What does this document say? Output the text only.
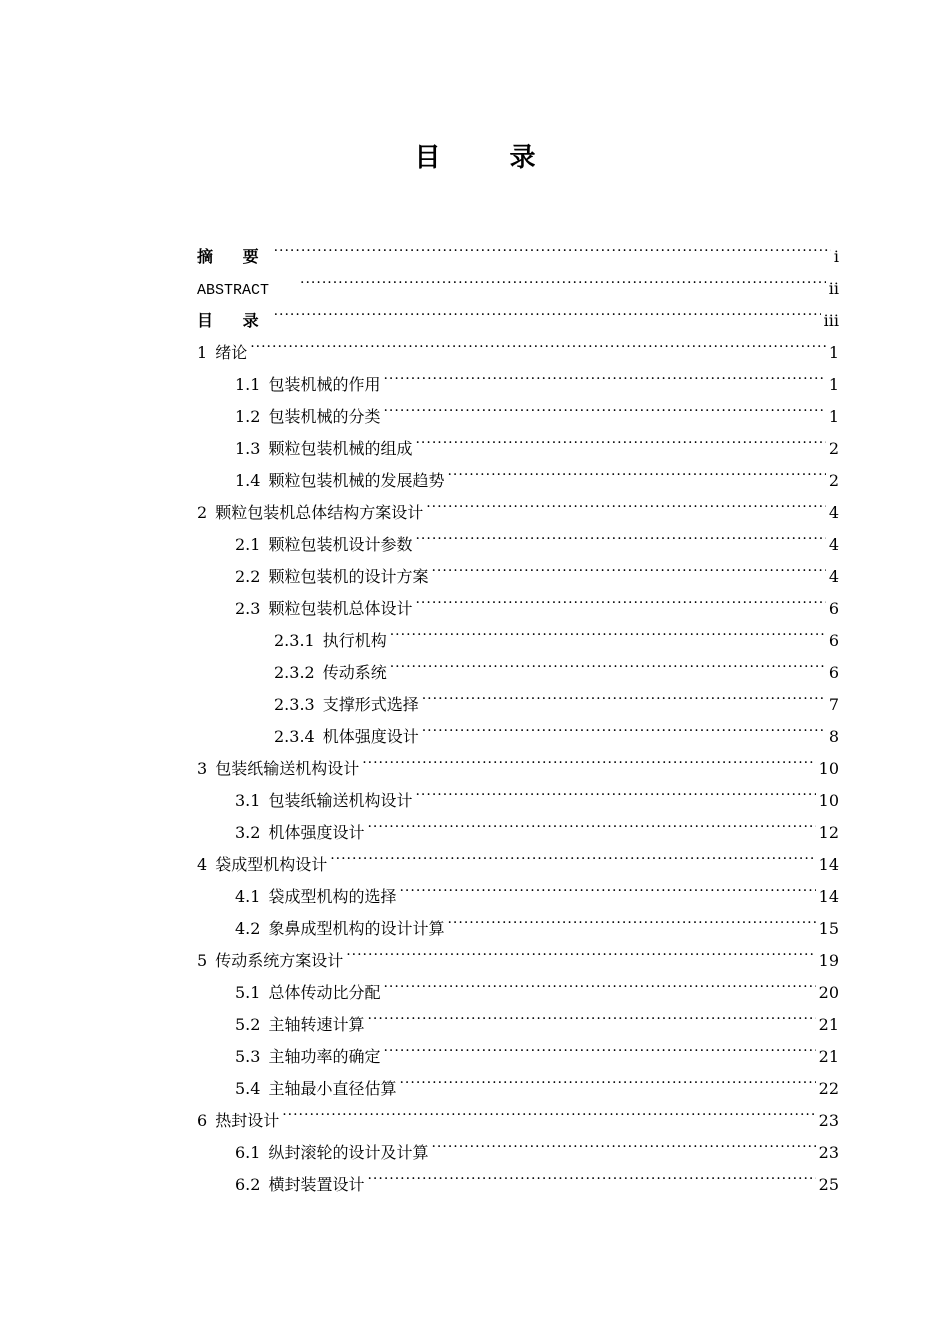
目 录
摘 要 .....	i
ABSTRACT .....	ii
目 录 .....	iii
1 绪论 .....	1
1.1 包装机械的作用 .....	1
1.2 包装机械的分类 .....	1
1.3 颗粒包装机械的组成 .....	2
1.4 颗粒包装机械的发展趋势 .....	2
2 颗粒包装机总体结构方案设计 .....	4
2.1 颗粒包装机设计参数 .....	4
2.2 颗粒包装机的设计方案 .....	4
2.3 颗粒包装机总体设计 .....	6
2.3.1 执行机构 .....	6
2.3.2 传动系统 .....	6
2.3.3 支撑形式选择 .....	7
2.3.4 机体强度设计 .....	8
3 包装纸输送机构设计 .....	10
3.1 包装纸输送机构设计 .....	10
3.2 机体强度设计 .....	12
4 袋成型机构设计 .....	14
4.1 袋成型机构的选择 .....	14
4.2 象鼻成型机构的设计计算 .....	15
5 传动系统方案设计 .....	19
5.1 总体传动比分配 .....	20
5.2 主轴转速计算 .....	21
5.3 主轴功率的确定 .....	21
5.4 主轴最小直径估算 .....	22
6 热封设计 .....	23
6.1 纵封滚轮的设计及计算 .....	23
6.2 横封装置设计 .....	25
